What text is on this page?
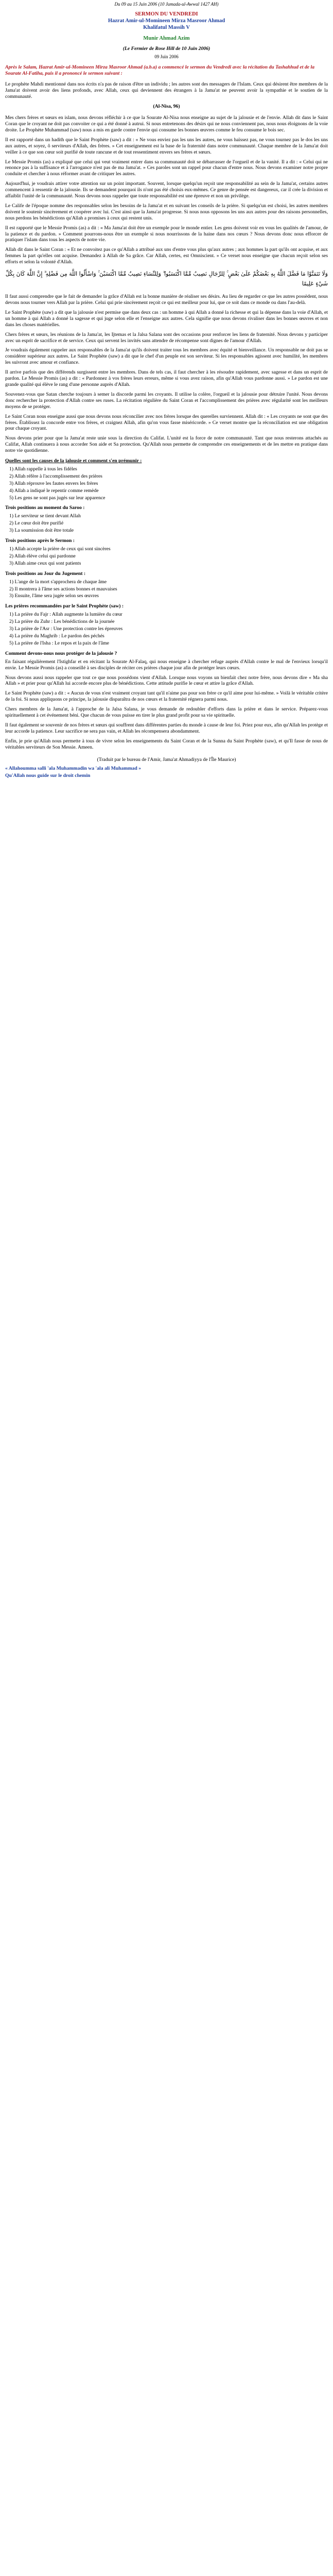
Du 09 au 15 Juin 2006 (10 Jumada-ul-Awwal 1427 AH)
SERMON DU VENDREDI
Hazrat Amir-ul-Momineen Mirza Masroor Ahmad
Khalifatul Massih V
Munir Ahmad Azim
(Le Fermier de Rose Hill de 10 Juin 2006)
09 Juin 2006
Après le Salam, Hazrat Amir-ul-Momineen Mirza Masroor Ahmad (a.b.a) a commencé le sermon du Vendredi avec la récitation du Tashahhud et de la Sourate Al-Fatiha, puis il a prononcé le sermon suivant :
Le prophète Mahdi mentionné dans nos écrits n'a pas de raison d'être un individu ; les autres sont des messagers de l'Islam. Ceux qui désirent être membres de la Jama'at doivent avoir des liens profonds, avec Allah, ceux qui deviennent des étrangers à la Jama'at ne peuvent avoir la sympathie et le soutien de la communauté.
(Al-Nisa, 96)

Mes chers frères et sœurs en islam, nous devons réfléchir à ce que la Sourate Al-Nisa nous enseigne au sujet de la jalousie et de l'envie. Allah dit dans le Saint Coran que le croyant ne doit pas convoiter ce qui a été donné à autrui. Si nous entretenons des désirs qui ne nous conviennent pas, nous nous éloignons de la voie droite. Le Prophète Muhammad (saw) nous a mis en garde contre l'envie qui consume les bonnes œuvres comme le feu consume le bois sec.

Il est rapporté dans un hadith que le Saint Prophète (saw) a dit : « Ne vous enviez pas les uns les autres, ne vous haïssez pas, ne vous tournez pas le dos les uns aux autres, et soyez, ô serviteurs d'Allah, des frères. » Cet enseignement est la base de la fraternité dans notre communauté. Chaque membre de la Jama'at doit veiller à ce que son cœur soit purifié de toute rancune et de tout ressentiment envers ses frères et sœurs.

Le Messie Promis (as) a expliqué que celui qui veut vraiment entrer dans sa communauté doit se débarrasser de l'orgueil et de la vanité. Il a dit : « Celui qui ne renonce pas à la suffisance et à l'arrogance n'est pas de ma Jama'at. » Ces paroles sont un rappel pour chacun d'entre nous. Nous devons examiner notre propre conduite et chercher à nous réformer avant de critiquer les autres.

Aujourd'hui, je voudrais attirer votre attention sur un point important. Souvent, lorsque quelqu'un reçoit une responsabilité au sein de la Jama'at, certains autres commencent à ressentir de la jalousie. Ils se demandent pourquoi ils n'ont pas été choisis eux-mêmes. Ce genre de pensée est dangereux, car il crée la division et affaiblit l'unité de la communauté. Nous devons nous rappeler que toute responsabilité est une épreuve et non un privilège.

Le Calife de l'époque nomme des responsables selon les besoins de la Jama'at et en suivant les conseils de la prière. Si quelqu'un est choisi, les autres membres doivent le soutenir sincèrement et coopérer avec lui. C'est ainsi que la Jama'at progresse. Si nous nous opposons les uns aux autres pour des raisons personnelles, nous perdons les bénédictions qu'Allah a promises à ceux qui restent unis.

Il est rapporté que le Messie Promis (as) a dit : « Ma Jama'at doit être un exemple pour le monde entier. Les gens doivent voir en vous les qualités de l'amour, de la patience et du pardon. » Comment pourrons-nous être un exemple si nous nourrissons de la haine dans nos cœurs ? Nous devons donc nous efforcer de pratiquer l'islam dans tous les aspects de notre vie.

Allah dit dans le Saint Coran : « Et ne convoitez pas ce qu'Allah a attribué aux uns d'entre vous plus qu'aux autres ; aux hommes la part qu'ils ont acquise, et aux femmes la part qu'elles ont acquise. Demandez à Allah de Sa grâce. Car Allah, certes, est Omniscient. » Ce verset nous enseigne que chacun reçoit selon ses efforts et selon la volonté d'Allah.

وَلَا تَتَمَنَّوْا مَا فَضَّلَ اللَّهُ بِهِ بَعْضَكُمْ عَلَىٰ بَعْضٍ ۚ لِلرِّجَالِ نَصِيبٌ مِّمَّا اكْتَسَبُوا ۖ وَلِلنِّسَاءِ نَصِيبٌ مِّمَّا اكْتَسَبْنَ ۚ وَاسْأَلُوا اللَّهَ مِن فَضْلِهِ ۗ إِنَّ اللَّهَ كَانَ بِكُلِّ شَيْءٍ عَلِيمًا

Il faut aussi comprendre que le fait de demander la grâce d'Allah est la bonne manière de réaliser ses désirs. Au lieu de regarder ce que les autres possèdent, nous devons nous tourner vers Allah par la prière. Celui qui prie sincèrement reçoit ce qui est meilleur pour lui, que ce soit dans ce monde ou dans l'au-delà.

Le Saint Prophète (saw) a dit que la jalousie n'est permise que dans deux cas : un homme à qui Allah a donné la richesse et qui la dépense dans la voie d'Allah, et un homme à qui Allah a donné la sagesse et qui juge selon elle et l'enseigne aux autres. Cela signifie que nous devons rivaliser dans les bonnes œuvres et non dans les choses matérielles.

Chers frères et sœurs, les réunions de la Jama'at, les Ijtemas et la Jalsa Salana sont des occasions pour renforcer les liens de fraternité. Nous devons y participer avec un esprit de sacrifice et de service. Ceux qui servent les invités sans attendre de récompense sont dignes de l'amour d'Allah.

Je voudrais également rappeler aux responsables de la Jama'at qu'ils doivent traiter tous les membres avec équité et bienveillance. Un responsable ne doit pas se considérer supérieur aux autres. Le Saint Prophète (saw) a dit que le chef d'un peuple est son serviteur. Si les responsables agissent avec humilité, les membres les suivront avec amour et confiance.

Il arrive parfois que des différends surgissent entre les membres. Dans de tels cas, il faut chercher à les résoudre rapidement, avec sagesse et dans un esprit de pardon. Le Messie Promis (as) a dit : « Pardonnez à vos frères leurs erreurs, même si vous avez raison, afin qu'Allah vous pardonne aussi. » Le pardon est une grande qualité qui élève le rang d'une personne auprès d'Allah.

Souvenez-vous que Satan cherche toujours à semer la discorde parmi les croyants. Il utilise la colère, l'orgueil et la jalousie pour détruire l'unité. Nous devons donc rechercher la protection d'Allah contre ses ruses. La récitation régulière du Saint Coran et l'accomplissement des prières avec régularité sont les meilleurs moyens de se protéger.

Le Saint Coran nous enseigne aussi que nous devons nous réconcilier avec nos frères lorsque des querelles surviennent. Allah dit : « Les croyants ne sont que des frères. Établissez la concorde entre vos frères, et craignez Allah, afin qu'on vous fasse miséricorde. » Ce verset montre que la réconciliation est une obligation pour chaque croyant.

Nous devons prier pour que la Jama'at reste unie sous la direction du Califat. L'unité est la force de notre communauté. Tant que nous resterons attachés au Califat, Allah continuera à nous accorder Son aide et Sa protection. Qu'Allah nous permette de comprendre ces enseignements et de les mettre en pratique dans notre vie quotidienne.

Quelles sont les causes de la jalousie et comment s'en prémunir :
1) Allah rappelle à tous les fidèles
2) Allah réfère à l'accomplissement des prières
3) Allah réprouve les fautes envers les frères
4) Allah a indiqué le repentir comme remède
5) Les gens ne sont pas jugés sur leur apparence
Trois positions au moment du Saroo :
1) Le serviteur se tient devant Allah
2) Le cœur doit être purifié
3) La soumission doit être totale
Trois positions après le Sermon :
1) Allah accepte la prière de ceux qui sont sincères
2) Allah élève celui qui pardonne
3) Allah aime ceux qui sont patients
Trois positions au Jour du Jugement :
1) L'ange de la mort s'approchera de chaque âme
2) Il montrera à l'âme ses actions bonnes et mauvaises
3) Ensuite, l'âme sera jugée selon ses œuvres
Les prières recommandées par le Saint Prophète (saw) :
1) La prière du Fajr : Allah augmente la lumière du cœur
2) La prière du Zuhr : Les bénédictions de la journée
3) La prière de l'Asr : Une protection contre les épreuves
4) La prière du Maghrib : Le pardon des péchés
5) La prière de l'Isha : Le repos et la paix de l'âme
Comment devons-nous nous protéger de la jalousie ?

En faisant régulièrement l'Istighfar et en récitant la Sourate Al-Falaq, qui nous enseigne à chercher refuge auprès d'Allah contre le mal de l'envieux lorsqu'il envie. Le Messie Promis (as) a conseillé à ses disciples de réciter ces prières chaque jour afin de protéger leurs cœurs.

Nous devons aussi nous rappeler que tout ce que nous possédons vient d'Allah. Lorsque nous voyons un bienfait chez notre frère, nous devons dire « Ma sha Allah » et prier pour qu'Allah lui accorde encore plus de bénédictions. Cette attitude purifie le cœur et attire la grâce d'Allah.

Le Saint Prophète (saw) a dit : « Aucun de vous n'est vraiment croyant tant qu'il n'aime pas pour son frère ce qu'il aime pour lui-même. » Voilà le véritable critère de la foi. Si nous appliquons ce principe, la jalousie disparaîtra de nos cœurs et la fraternité régnera parmi nous.

Chers membres de la Jama'at, à l'approche de la Jalsa Salana, je vous demande de redoubler d'efforts dans la prière et dans le service. Préparez-vous spirituellement à cet événement béni. Que chacun de vous puisse en tirer le plus grand profit pour sa vie spirituelle.

Il faut également se souvenir de nos frères et sœurs qui souffrent dans différentes parties du monde à cause de leur foi. Priez pour eux, afin qu'Allah les protège et leur accorde la patience. Leur sacrifice ne sera pas vain, et Allah les récompensera abondamment.

Enfin, je prie qu'Allah nous permette à tous de vivre selon les enseignements du Saint Coran et de la Sunna du Saint Prophète (saw), et qu'Il fasse de nous de véritables serviteurs de Son Messie. Ameen.

(Traduit par le bureau de l'Amir, Jama'at Ahmadiyya de l'Île Maurice)
« Allahoumma salli 'ala Muhammadin wa 'ala ali Muhammad »
Qu'Allah nous guide sur le droit chemin
